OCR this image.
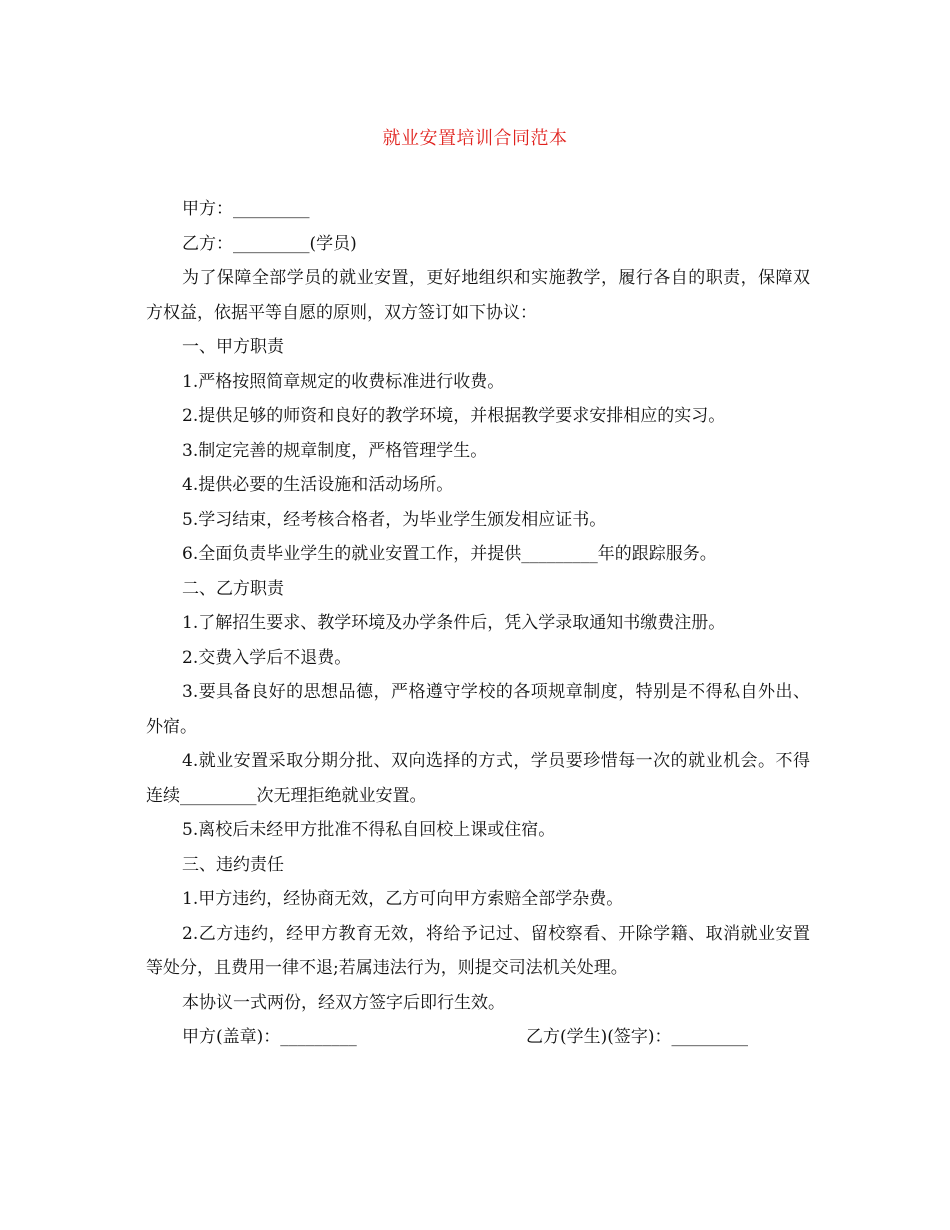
就业安置培训合同范本

甲方：_________

乙方：_________(学员)

为了保障全部学员的就业安置，更好地组织和实施教学，履行各自的职责，保障双方权益，依据平等自愿的原则，双方签订如下协议：

一、甲方职责

1.严格按照简章规定的收费标准进行收费。

2.提供足够的师资和良好的教学环境，并根据教学要求安排相应的实习。

3.制定完善的规章制度，严格管理学生。

4.提供必要的生活设施和活动场所。

5.学习结束，经考核合格者，为毕业学生颁发相应证书。

6.全面负责毕业学生的就业安置工作，并提供_________年的跟踪服务。

二、乙方职责

1.了解招生要求、教学环境及办学条件后，凭入学录取通知书缴费注册。

2.交费入学后不退费。

3.要具备良好的思想品德，严格遵守学校的各项规章制度，特别是不得私自外出、外宿。

4.就业安置采取分期分批、双向选择的方式，学员要珍惜每一次的就业机会。不得连续_________次无理拒绝就业安置。

5.离校后未经甲方批准不得私自回校上课或住宿。

三、违约责任

1.甲方违约，经协商无效，乙方可向甲方索赔全部学杂费。

2.乙方违约，经甲方教育无效，将给予记过、留校察看、开除学籍、取消就业安置等处分，且费用一律不退;若属违法行为，则提交司法机关处理。

本协议一式两份，经双方签字后即行生效。

甲方(盖章)：_________	乙方(学生)(签字)：_________
